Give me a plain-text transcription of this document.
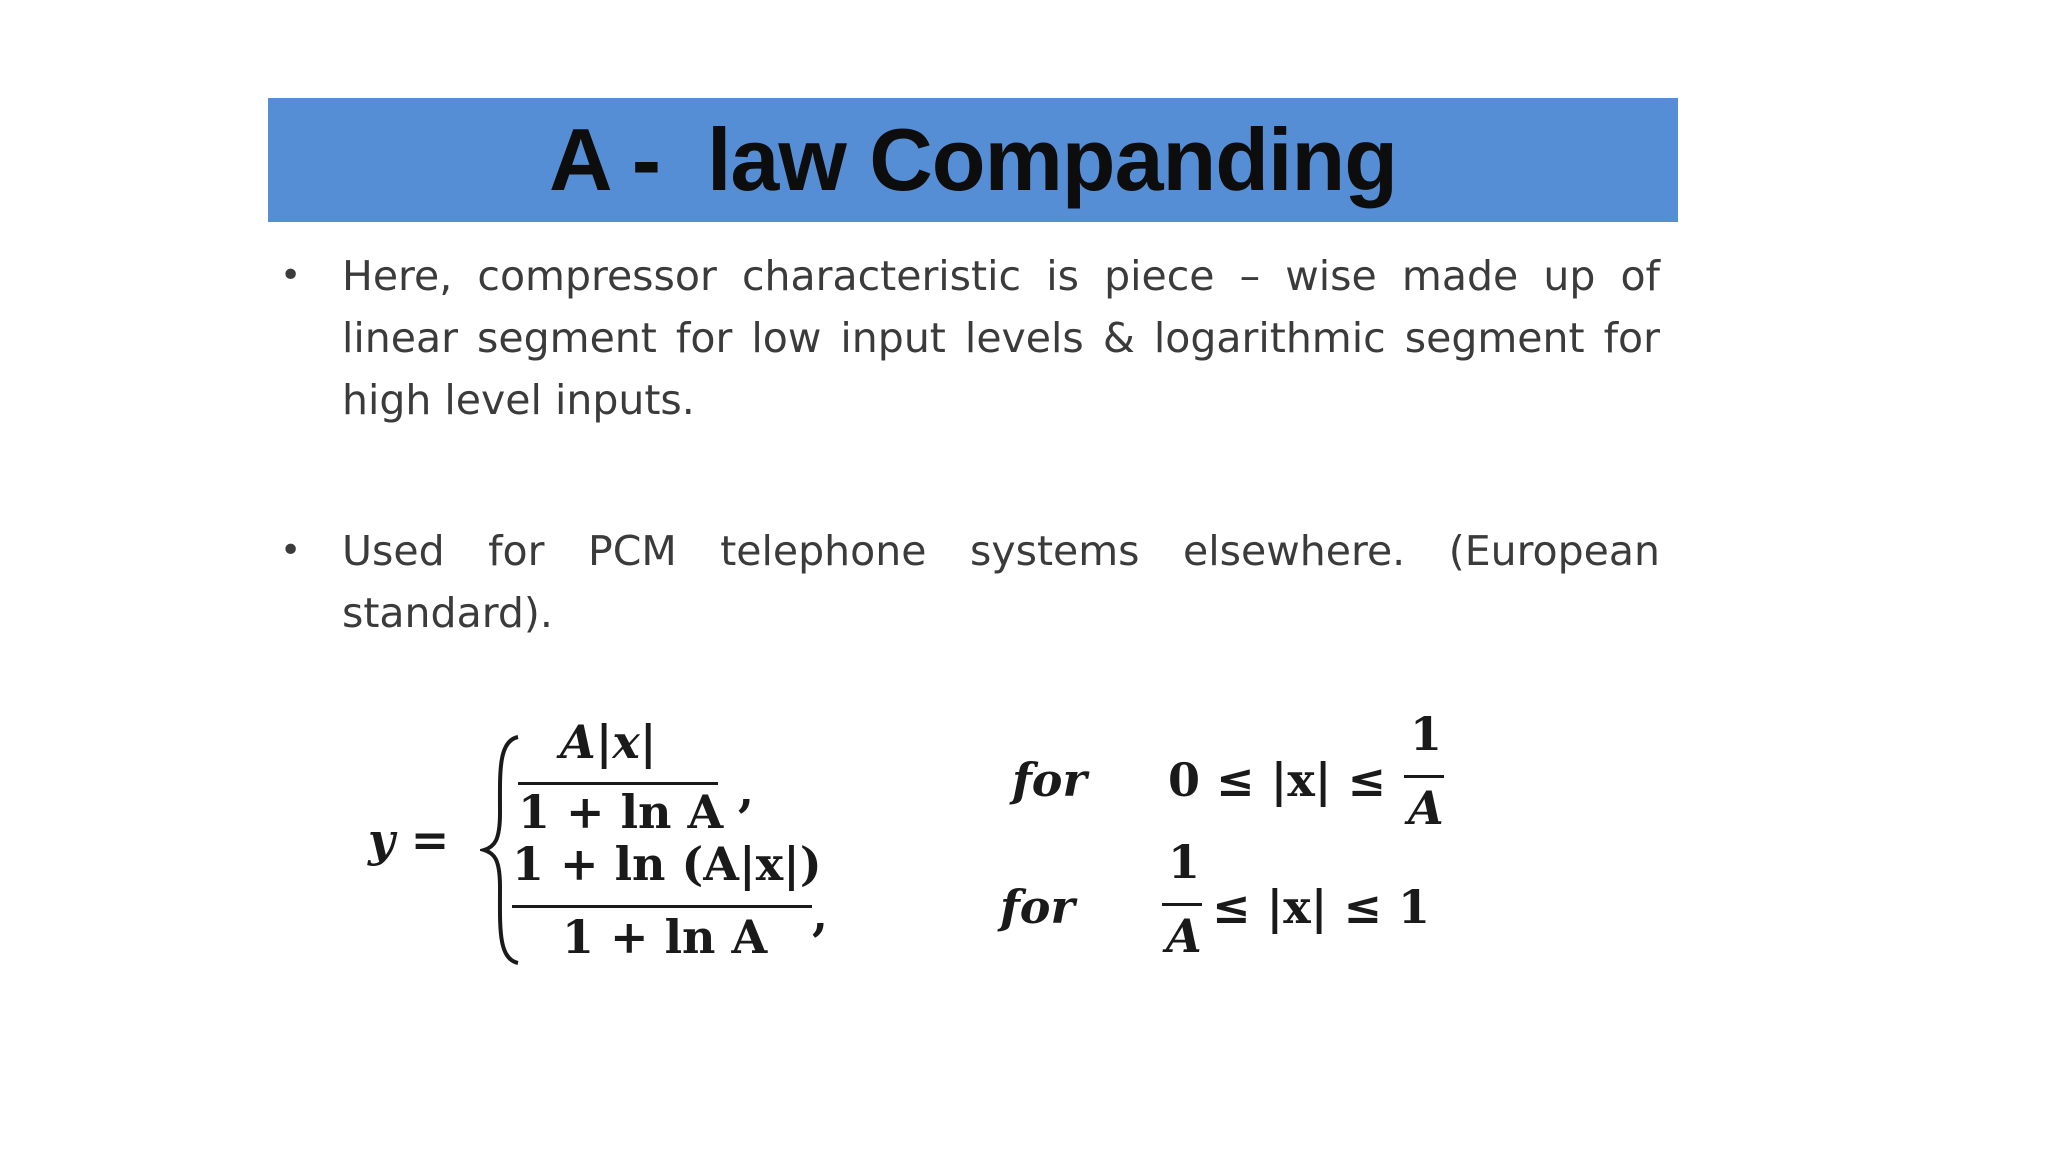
A -  law Companding
• Here, compressor characteristic is piece – wise made up of linear segment for low input levels & logarithmic segment for high level inputs.
• Used for PCM telephone systems elsewhere. (European standard).
y =
A|x|
1 + ln A ,	for 0 ≤ |x| ≤
1
A
1 + ln (A|x|)
1 + ln A ,	for
1
A
≤ |x| ≤ 1
